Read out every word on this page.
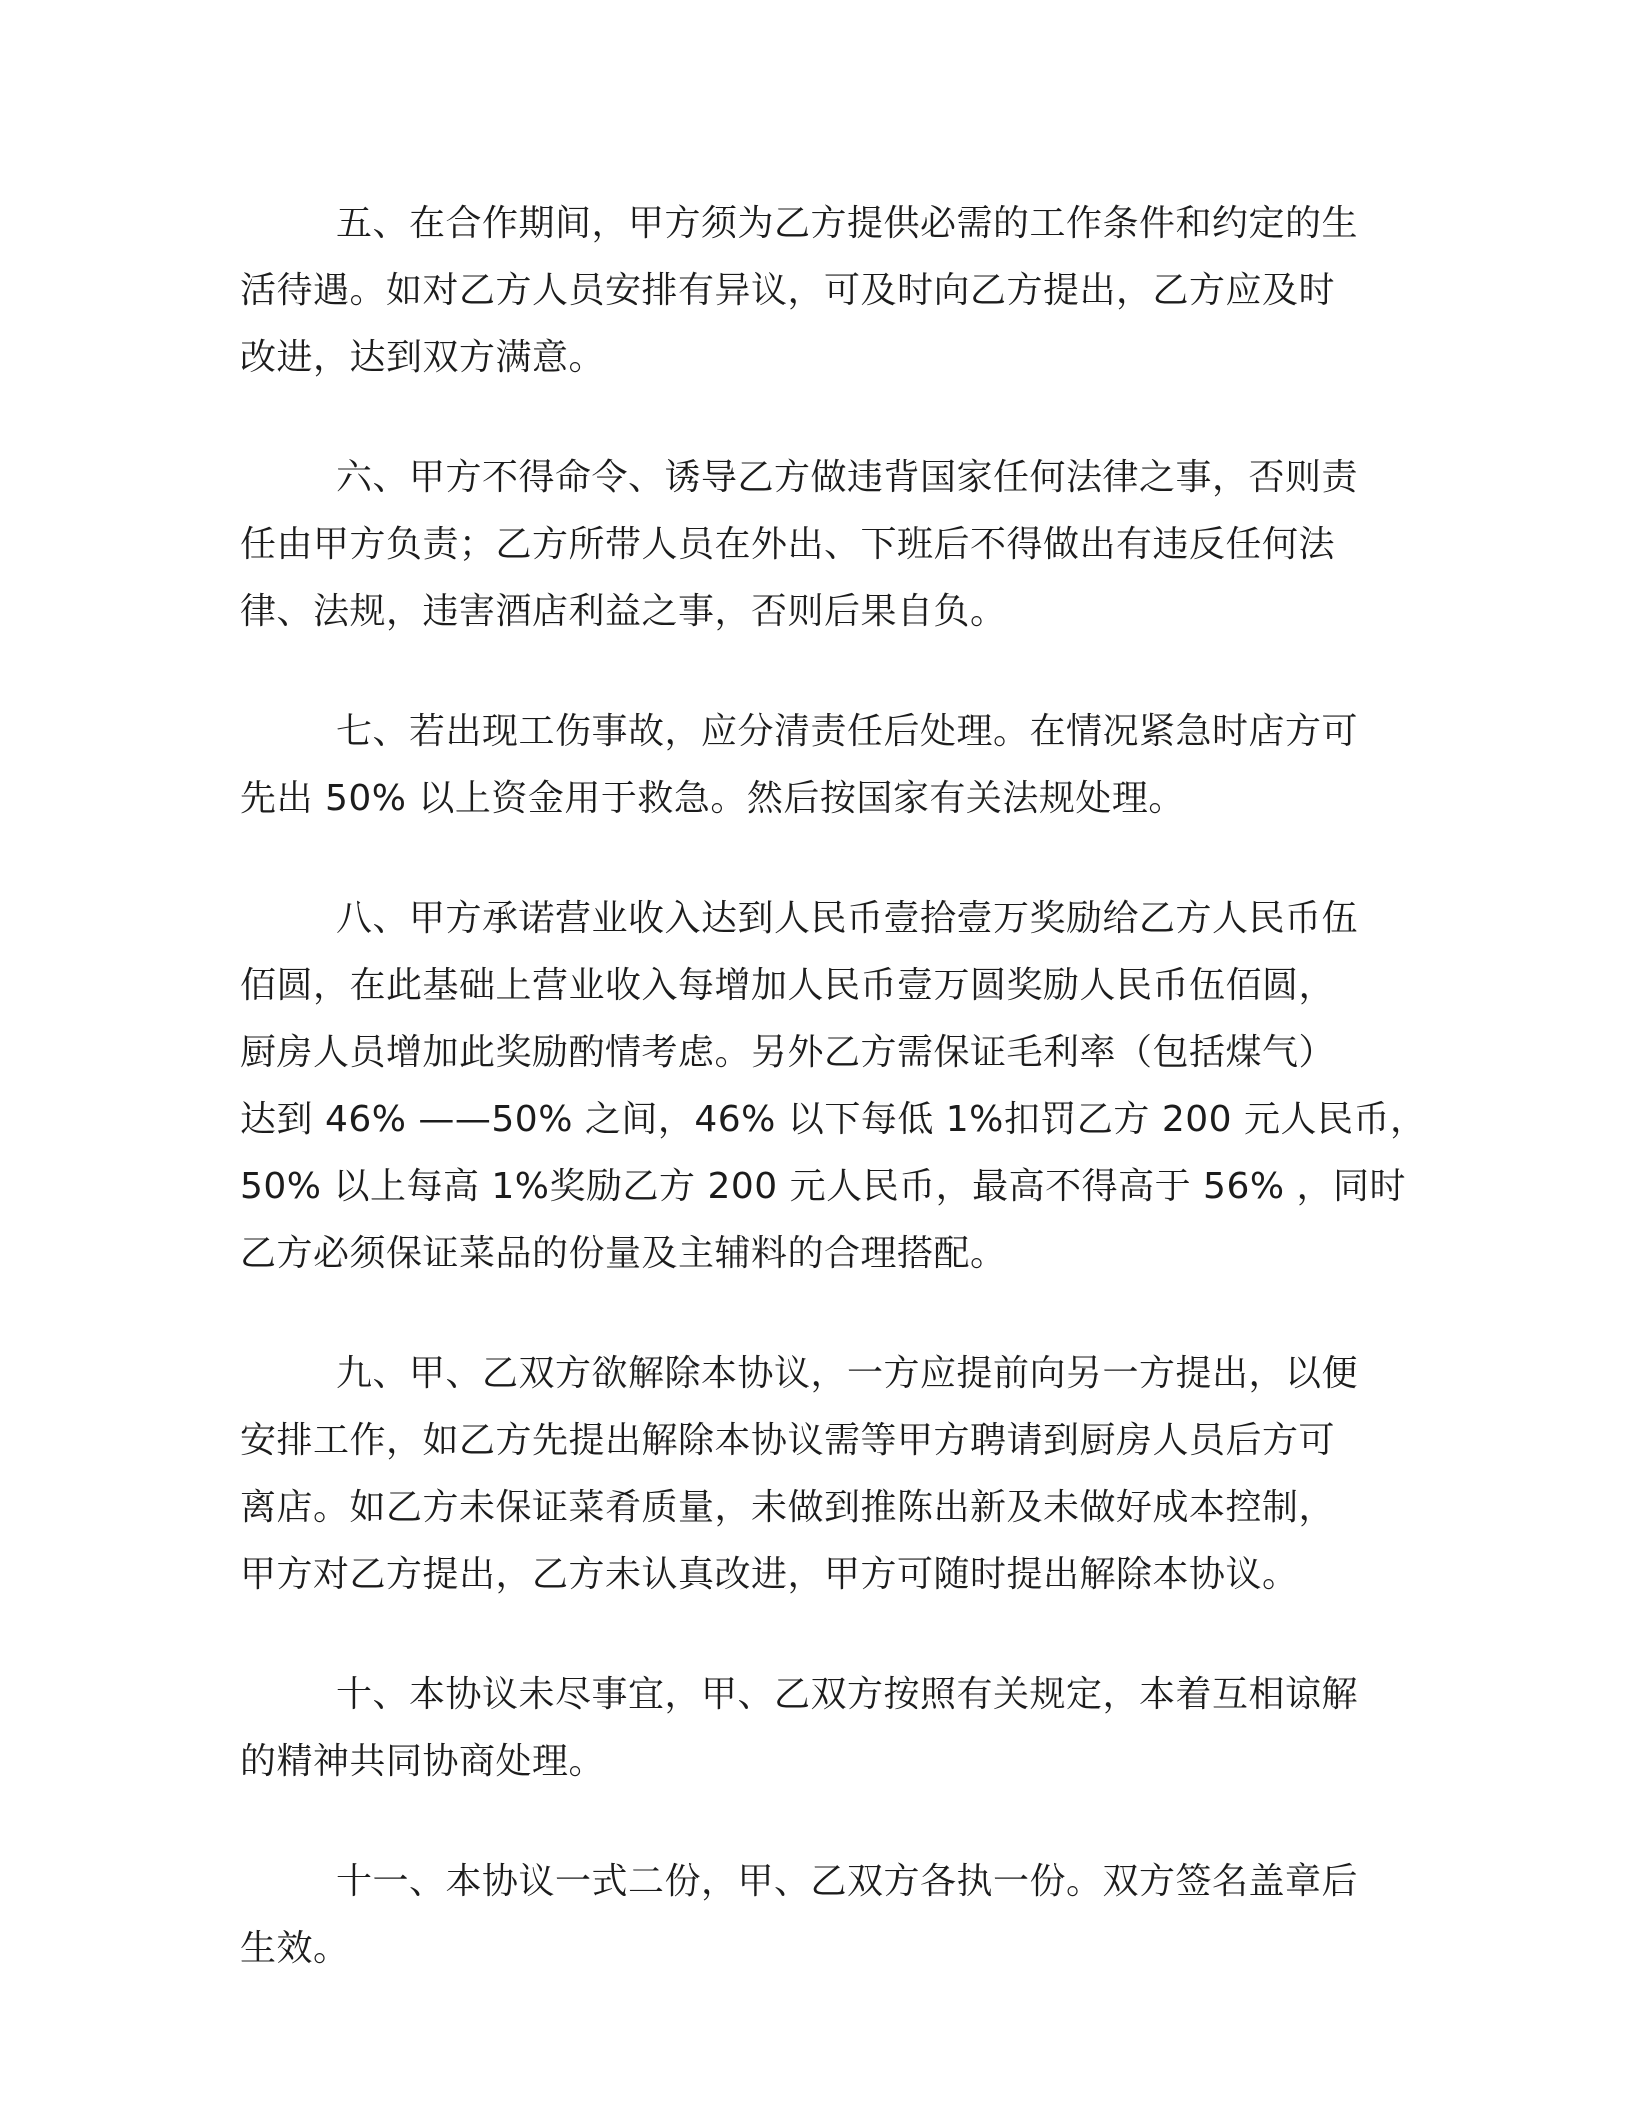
五、在合作期间，甲方须为乙方提供必需的工作条件和约定的生
活待遇。如对乙方人员安排有异议，可及时向乙方提出，乙方应及时
改进，达到双方满意。

六、甲方不得命令、诱导乙方做违背国家任何法律之事，否则责
任由甲方负责；乙方所带人员在外出、下班后不得做出有违反任何法
律、法规，违害酒店利益之事，否则后果自负。

七、若出现工伤事故，应分清责任后处理。在情况紧急时店方可
先出 50% 以上资金用于救急。然后按国家有关法规处理。

八、甲方承诺营业收入达到人民币壹拾壹万奖励给乙方人民币伍
佰圆，在此基础上营业收入每增加人民币壹万圆奖励人民币伍佰圆，
厨房人员增加此奖励酌情考虑。另外乙方需保证毛利率（包括煤气）
达到 46% ——50% 之间，46% 以下每低 1%扣罚乙方 200 元人民币，
50% 以上每高 1%奖励乙方 200 元人民币，最高不得高于 56% ，同时
乙方必须保证菜品的份量及主辅料的合理搭配。

九、甲、乙双方欲解除本协议，一方应提前向另一方提出，以便
安排工作，如乙方先提出解除本协议需等甲方聘请到厨房人员后方可
离店。如乙方未保证菜肴质量，未做到推陈出新及未做好成本控制，
甲方对乙方提出，乙方未认真改进，甲方可随时提出解除本协议。

十、本协议未尽事宜，甲、乙双方按照有关规定，本着互相谅解
的精神共同协商处理。

十一、本协议一式二份，甲、乙双方各执一份。双方签名盖章后
生效。
